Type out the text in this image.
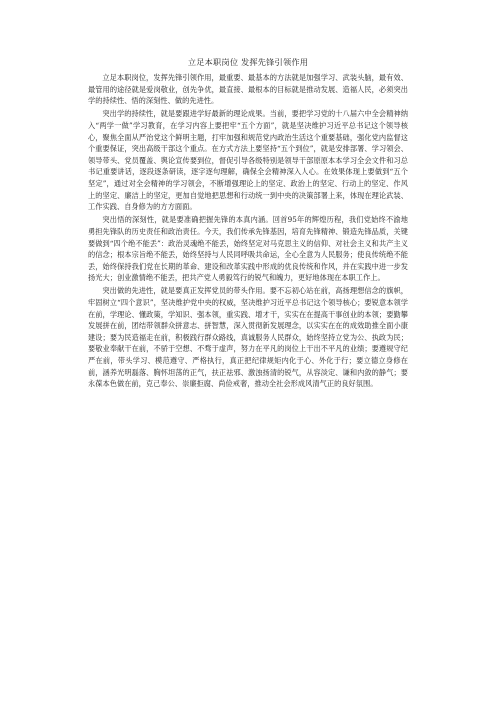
立足本职岗位 发挥先锋引领作用

立足本职岗位，发挥先锋引领作用，最重要、最基本的方法就是加强学习、武装头脑，最有效、最管用的途径就是爱岗敬业，创先争优，最直接、最根本的目标就是推动发展、造福人民，必须突出学的持续性、悟的深刻性、做的先进性。

突出学的持续性，就是要跟进学好最新的理论成果。当前，要把学习党的十八届六中全会精神纳入“两学一做”学习教育，在学习内容上要把牢“五个方面”，就是坚决维护习近平总书记这个领导核心，聚焦全面从严治党这个鲜明主题，打牢加强和规范党内政治生活这个重要基础，强化党内监督这个重要保证，突出高级干部这个重点。在方式方法上要坚持“五个到位”，就是安排部署、学习领会、领导带头、党员覆盖、舆论宣传要到位，督促引导各级特别是领导干部原原本本学习全会文件和习总书记重要讲话，逐段逐条研读，逐字逐句理解，确保全会精神深入人心。在效果体现上要做到“五个坚定”，通过对全会精神的学习领会，不断增强理论上的坚定、政治上的坚定、行动上的坚定、作风上的坚定、廉洁上的坚定，更加自觉地把思想和行动统一到中央的决策部署上来，体现在理论武装、工作实践、自身修为的方方面面。

突出悟的深刻性，就是要准确把握先锋的本真内涵。回首95年的辉煌历程，我们党始终不渝地勇担先锋队的历史责任和政治责任。今天，我们传承先锋基因，培育先锋精神、锻造先锋品质，关键要做到“四个绝不能丢”：政治灵魂绝不能丢，始终坚定对马克思主义的信仰、对社会主义和共产主义的信念；根本宗旨绝不能丢，始终坚持与人民同呼吸共命运，全心全意为人民服务；使良传统绝不能丢，始终保持我们党在长期的革命、建设和改革实践中形成的优良传统和作风，并在实践中进一步发扬光大；创业激情绝不能丢，把共产党人勇毅笃行的锐气和魄力，更好地体现在本职工作上。

突出做的先进性，就是要真正发挥党员的带头作用。要不忘初心站在前，高扬理想信念的旗帜，牢固树立“四个意识”，坚决维护党中央的权威，坚决维护习近平总书记这个领导核心；要锐意本领学在前，学理论、懂政策，学知识、强本领，重实践、增才干，实实在在提高干事创业的本领；要勤攀发展拼在前，团结带领群众拼意志、拼智慧，深入贯彻新发展理念，以实实在在的成效助推全面小康建设；要为民造福走在前，积极践行群众路线，真诚服务人民群众，始终坚持立党为公、执政为民；要敬业奉献干在前，不骄于空想、不骛于虚声，努力在平凡的岗位上干出不平凡的业绩；要遵规守纪严在前，带头学习、模范遵守、严格执行，真正把纪律规矩内化于心、外化于行；要立德立身修在前，涵养光明磊落、胸怀坦荡的正气，扶正祛邪、激浊扬清的锐气，从容淡定、谦和内敛的静气；要永葆本色做在前，克己奉公、崇廉拒腐、尚俭戒奢，推动全社会形成风清气正的良好氛围。
